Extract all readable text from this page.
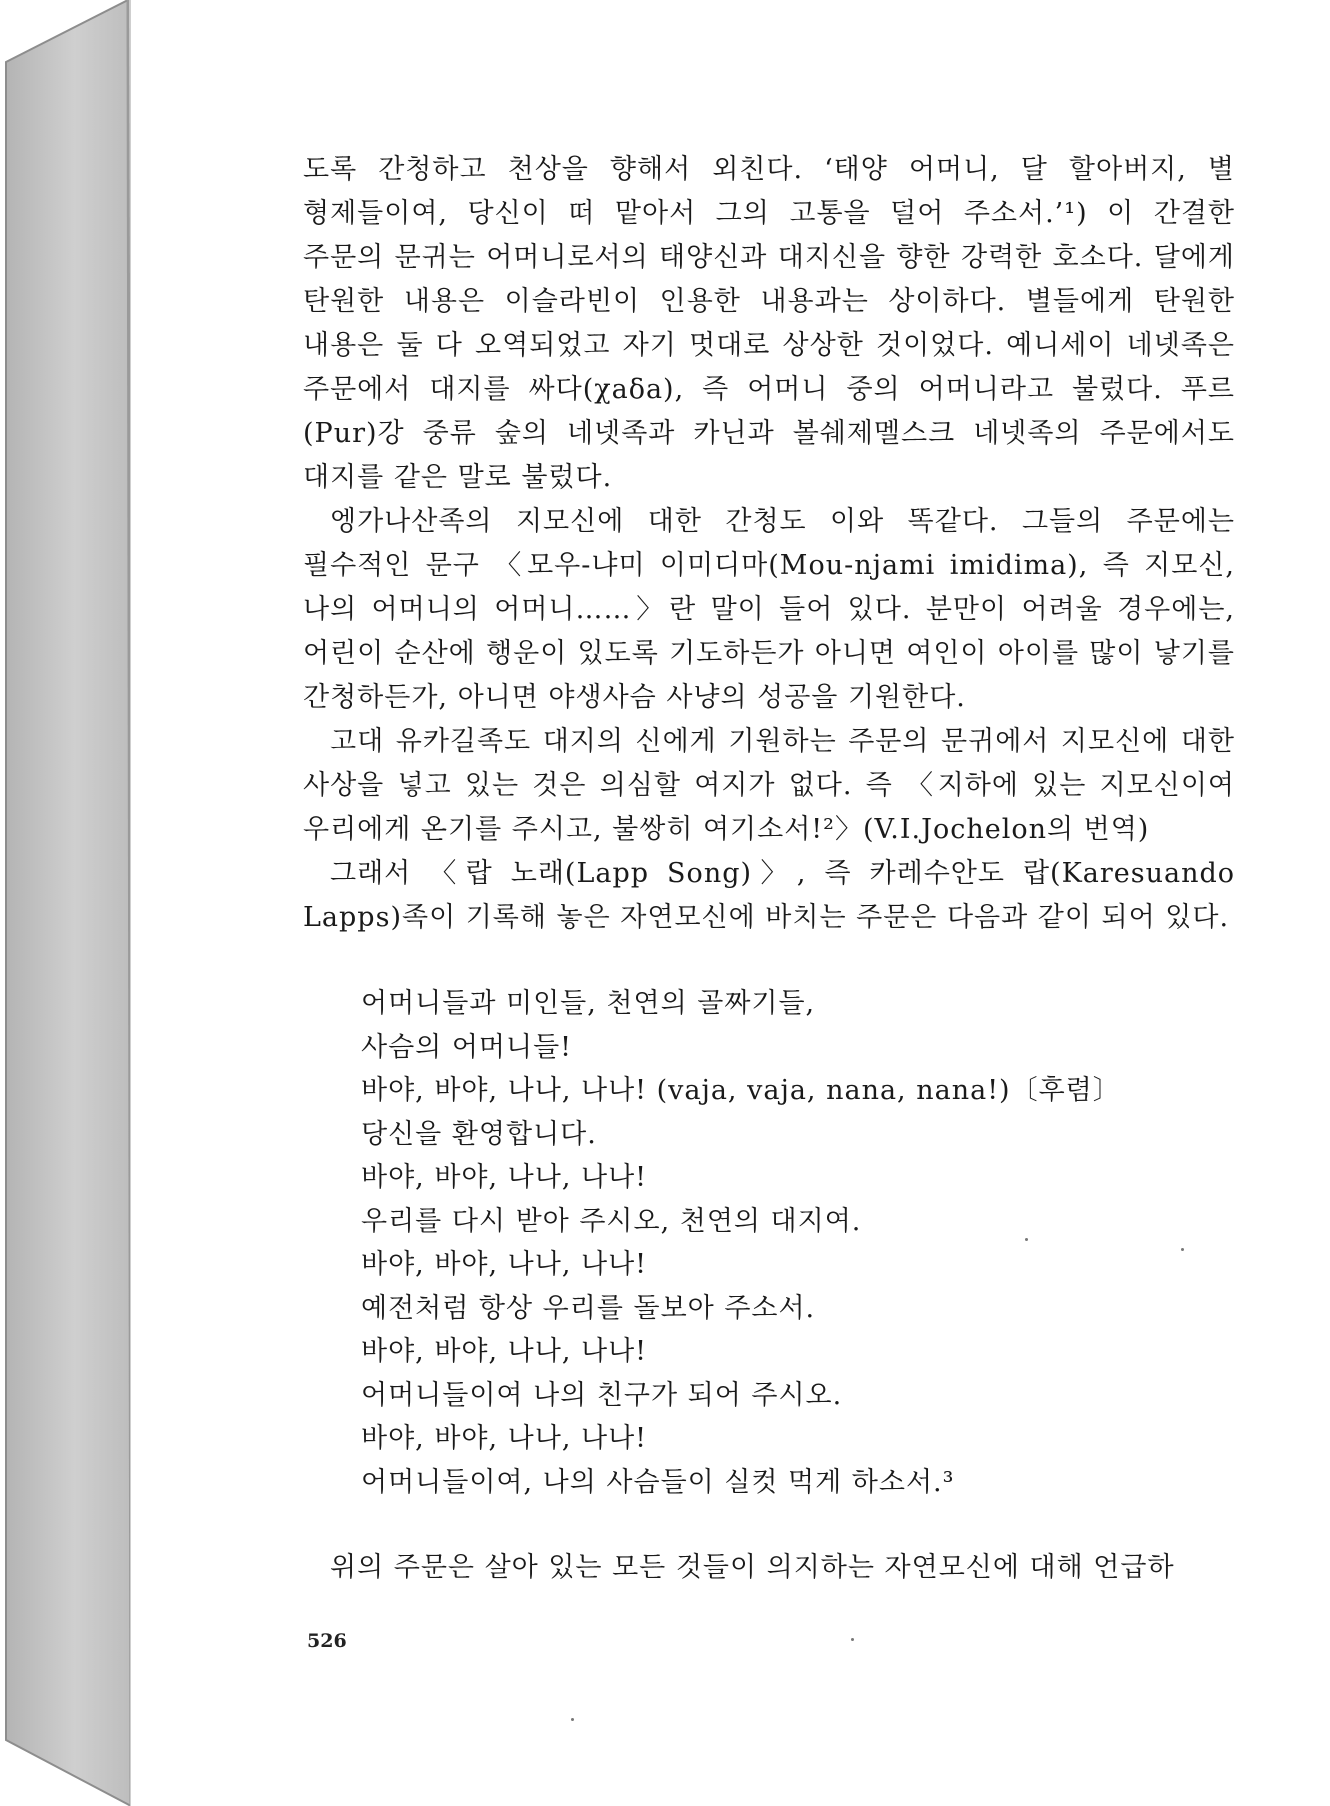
도록 간청하고 천상을 향해서 외친다. ‘태양 어머니, 달 할아버지, 별 형제들이여, 당신이 떠 맡아서 그의 고통을 덜어 주소서.’¹) 이 간결한 주문의 문귀는 어머니로서의 태양신과 대지신을 향한 강력한 호소다. 달에게 탄원한 내용은 이슬라빈이 인용한 내용과는 상이하다. 별들에게 탄원한 내용은 둘 다 오역되었고 자기 멋대로 상상한 것이었다. 예니세이 네넷족은 주문에서 대지를 싸다(χaδa), 즉 어머니 중의 어머니라고 불렀다. 푸르(Pur)강 중류 숲의 네넷족과 카닌과 볼쉐제멜스크 네넷족의 주문에서도 대지를 같은 말로 불렀다.

엥가나산족의 지모신에 대한 간청도 이와 똑같다. 그들의 주문에는 필수적인 문구 〈모우-냐미 이미디마(Mou-njami imidima), 즉 지모신, 나의 어머니의 어머니……〉란 말이 들어 있다. 분만이 어려울 경우에는, 어린이 순산에 행운이 있도록 기도하든가 아니면 여인이 아이를 많이 낳기를 간청하든가, 아니면 야생사슴 사냥의 성공을 기원한다.

고대 유카길족도 대지의 신에게 기원하는 주문의 문귀에서 지모신에 대한 사상을 넣고 있는 것은 의심할 여지가 없다. 즉 〈지하에 있는 지모신이여 우리에게 온기를 주시고, 불쌍히 여기소서!²〉(V.I.Jochelon의 번역)

그래서 〈랍 노래(Lapp Song)〉, 즉 카레수안도 랍(Karesuando Lapps)족이 기록해 놓은 자연모신에 바치는 주문은 다음과 같이 되어 있다.

어머니들과 미인들, 천연의 골짜기들,
사슴의 어머니들!
바야, 바야, 나나, 나나! (vaja, vaja, nana, nana!)〔후렴〕
당신을 환영합니다.
바야, 바야, 나나, 나나!
우리를 다시 받아 주시오, 천연의 대지여.
바야, 바야, 나나, 나나!
예전처럼 항상 우리를 돌보아 주소서.
바야, 바야, 나나, 나나!
어머니들이여 나의 친구가 되어 주시오.
바야, 바야, 나나, 나나!
어머니들이여, 나의 사슴들이 실컷 먹게 하소서.³

위의 주문은 살아 있는 모든 것들이 의지하는 자연모신에 대해 언급하

526
